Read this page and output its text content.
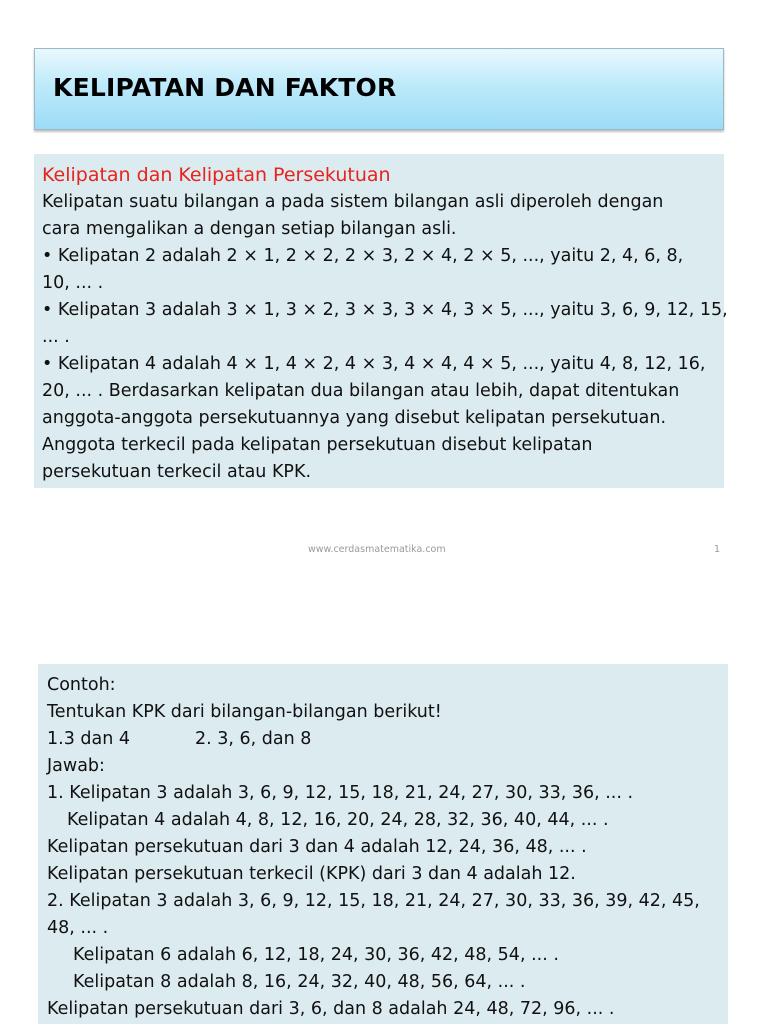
KELIPATAN DAN FAKTOR
Kelipatan dan Kelipatan Persekutuan
Kelipatan suatu bilangan a pada sistem bilangan asli diperoleh dengan
cara mengalikan a dengan setiap bilangan asli.
• Kelipatan 2 adalah 2 × 1, 2 × 2, 2 × 3, 2 × 4, 2 × 5, ..., yaitu 2, 4, 6, 8,
10, ... .
• Kelipatan 3 adalah 3 × 1, 3 × 2, 3 × 3, 3 × 4, 3 × 5, ..., yaitu 3, 6, 9, 12, 15,
... .
• Kelipatan 4 adalah 4 × 1, 4 × 2, 4 × 3, 4 × 4, 4 × 5, ..., yaitu 4, 8, 12, 16,
20, ... . Berdasarkan kelipatan dua bilangan atau lebih, dapat ditentukan
anggota-anggota persekutuannya yang disebut kelipatan persekutuan.
Anggota terkecil pada kelipatan persekutuan disebut kelipatan
persekutuan terkecil atau KPK.
www.cerdasmatematika.com	1
Contoh:
Tentukan KPK dari bilangan-bilangan berikut!
1.3 dan 4	2. 3, 6, dan 8
Jawab:
1. Kelipatan 3 adalah 3, 6, 9, 12, 15, 18, 21, 24, 27, 30, 33, 36, ... .
Kelipatan 4 adalah 4, 8, 12, 16, 20, 24, 28, 32, 36, 40, 44, ... .
Kelipatan persekutuan dari 3 dan 4 adalah 12, 24, 36, 48, ... .
Kelipatan persekutuan terkecil (KPK) dari 3 dan 4 adalah 12.
2. Kelipatan 3 adalah 3, 6, 9, 12, 15, 18, 21, 24, 27, 30, 33, 36, 39, 42, 45,
48, ... .
Kelipatan 6 adalah 6, 12, 18, 24, 30, 36, 42, 48, 54, ... .
Kelipatan 8 adalah 8, 16, 24, 32, 40, 48, 56, 64, ... .
Kelipatan persekutuan dari 3, 6, dan 8 adalah 24, 48, 72, 96, ... .
